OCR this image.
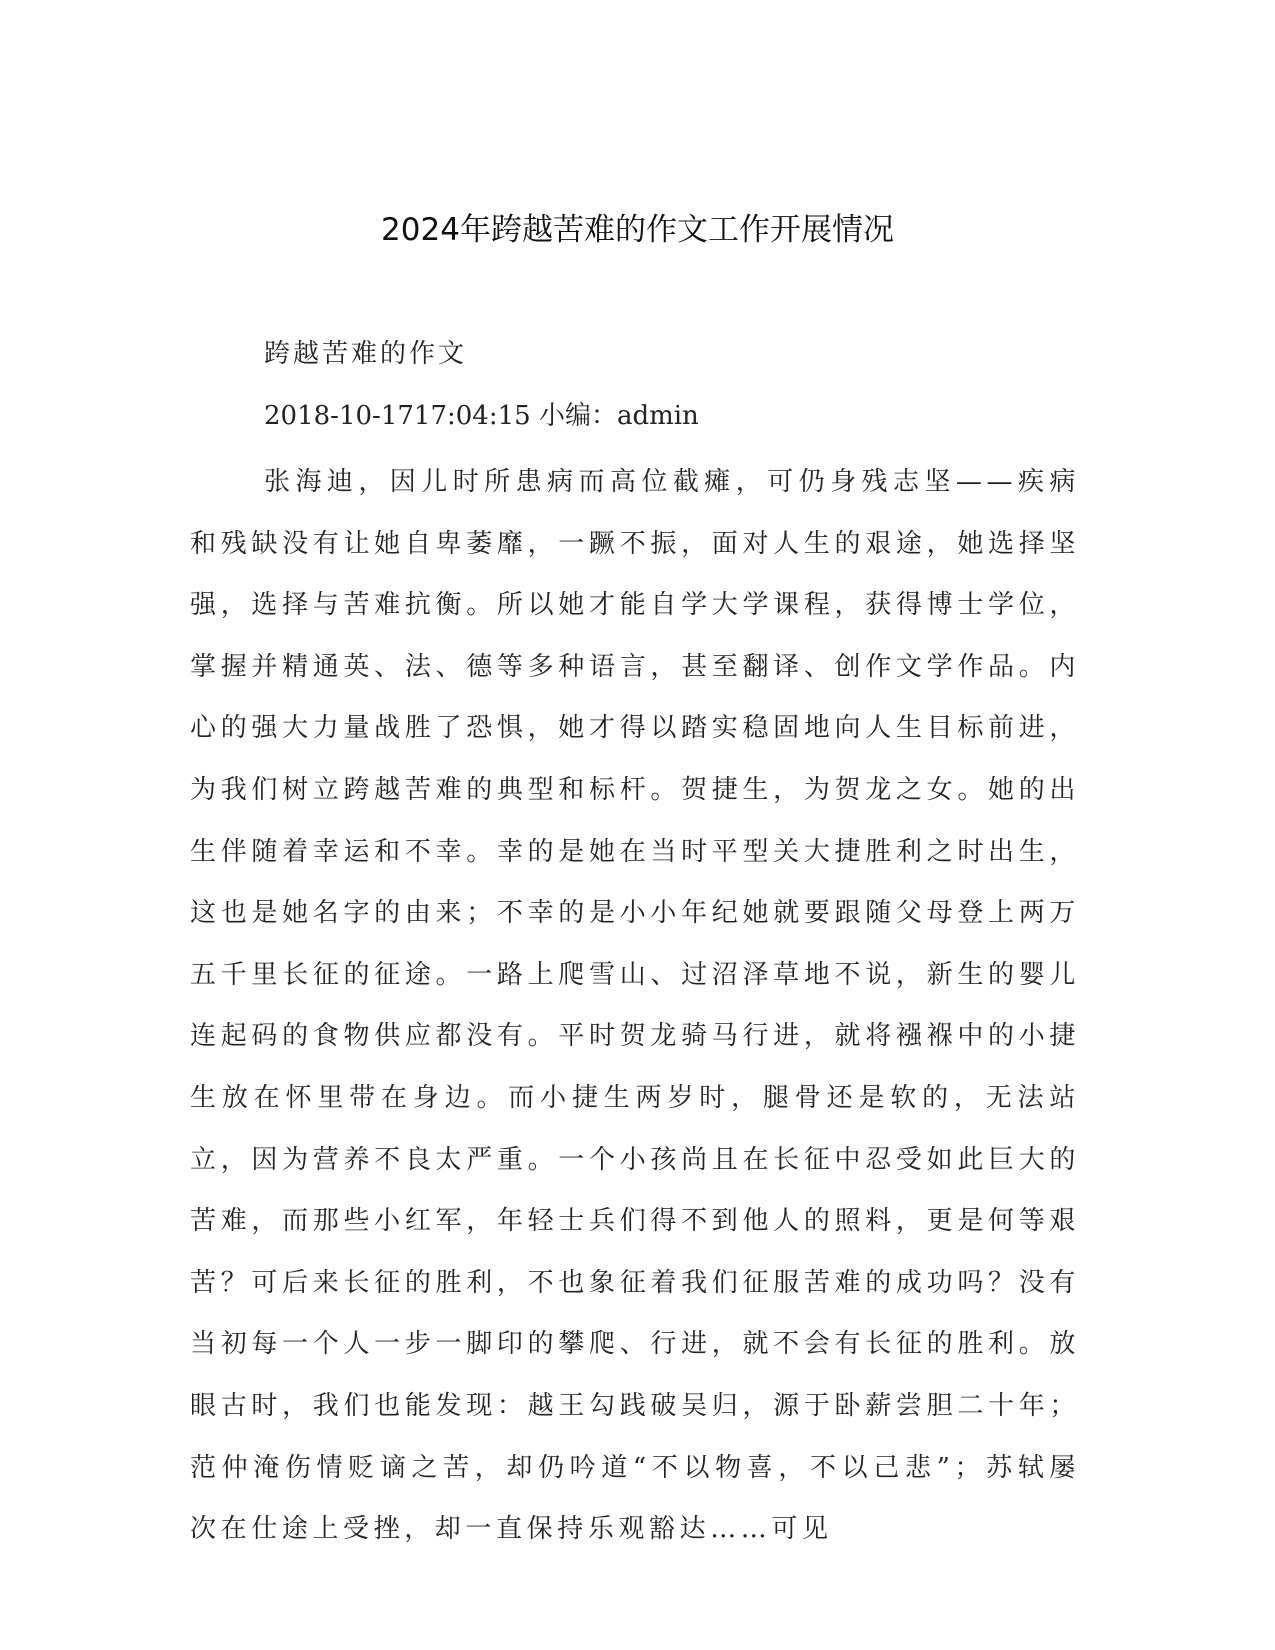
2024年跨越苦难的作文工作开展情况

跨越苦难的作文

2018-10-1717:04:15 小编：admin

张海迪，因儿时所患病而高位截瘫，可仍身残志坚——疾病和残缺没有让她自卑萎靡，一蹶不振，面对人生的艰途，她选择坚强，选择与苦难抗衡。所以她才能自学大学课程，获得博士学位，掌握并精通英、法、德等多种语言，甚至翻译、创作文学作品。内心的强大力量战胜了恐惧，她才得以踏实稳固地向人生目标前进，为我们树立跨越苦难的典型和标杆。贺捷生，为贺龙之女。她的出生伴随着幸运和不幸。幸的是她在当时平型关大捷胜利之时出生，这也是她名字的由来；不幸的是小小年纪她就要跟随父母登上两万五千里长征的征途。一路上爬雪山、过沼泽草地不说，新生的婴儿连起码的食物供应都没有。平时贺龙骑马行进，就将襁褓中的小捷生放在怀里带在身边。而小捷生两岁时，腿骨还是软的，无法站立，因为营养不良太严重。一个小孩尚且在长征中忍受如此巨大的苦难，而那些小红军，年轻士兵们得不到他人的照料，更是何等艰苦？可后来长征的胜利，不也象征着我们征服苦难的成功吗？没有当初每一个人一步一脚印的攀爬、行进，就不会有长征的胜利。放眼古时，我们也能发现：越王勾践破吴归，源于卧薪尝胆二十年；范仲淹伤情贬谪之苦，却仍吟道“不以物喜，不以己悲”；苏轼屡次在仕途上受挫，却一直保持乐观豁达……可见
